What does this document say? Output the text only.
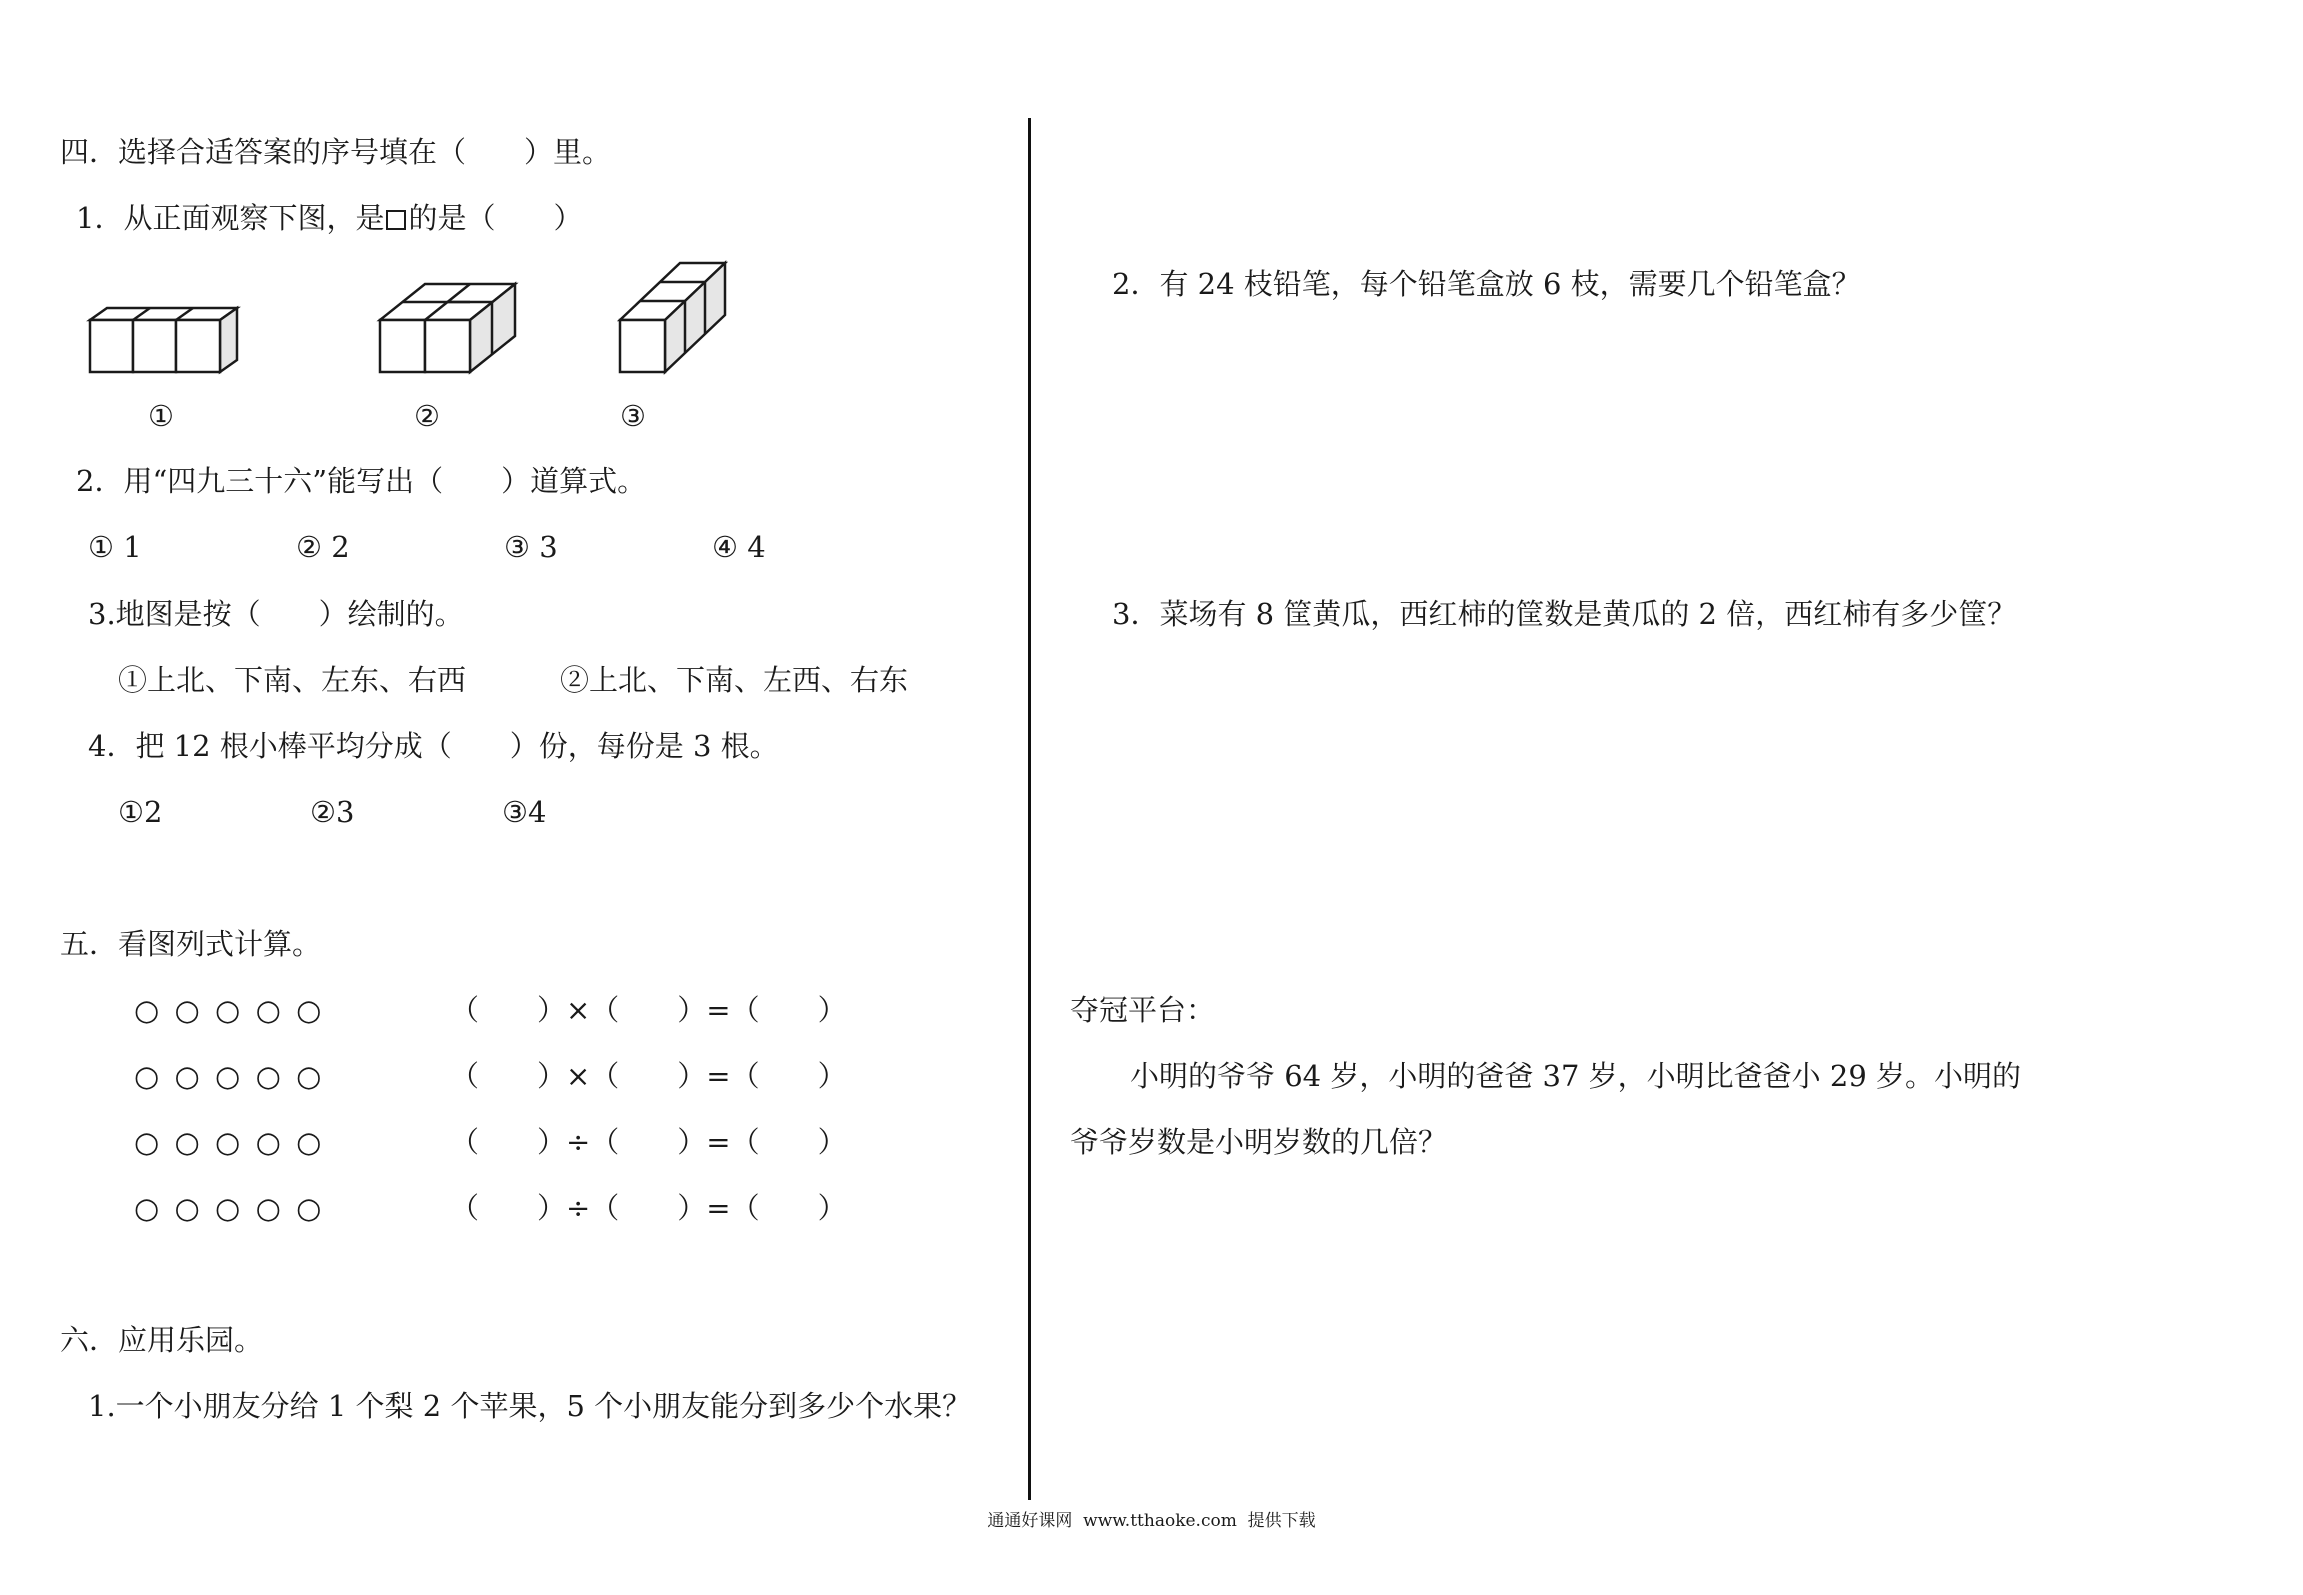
四．选择合适答案的序号填在（　　）里。
1．从正面观察下图，是 的是（　　）
①	②	③
2．用“四九三十六”能写出（　　）道算式。
① 1	② 2	③ 3	④ 4
3.地图是按（　　）绘制的。
①上北、下南、左东、右西	②上北、下南、左西、右东
4．把 12 根小棒平均分成（　　）份，每份是 3 根。
①2	②3	③4
五．看图列式计算。
○ ○ ○ ○ ○	（　　）×（　　）=（　　）
○ ○ ○ ○ ○	（　　）×（　　）=（　　）
○ ○ ○ ○ ○	（　　）÷（　　）=（　　）
○ ○ ○ ○ ○	（　　）÷（　　）=（　　）
六．应用乐园。
1.一个小朋友分给 1 个梨 2 个苹果，5 个小朋友能分到多少个水果？
2．有 24 枝铅笔，每个铅笔盒放 6 枝，需要几个铅笔盒？
3．菜场有 8 筐黄瓜，西红柿的筐数是黄瓜的 2 倍，西红柿有多少筐？
夺冠平台：
小明的爷爷 64 岁，小明的爸爸 37 岁，小明比爸爸小 29 岁。小明的
爷爷岁数是小明岁数的几倍？
通通好课网  www.tthaoke.com  提供下载
